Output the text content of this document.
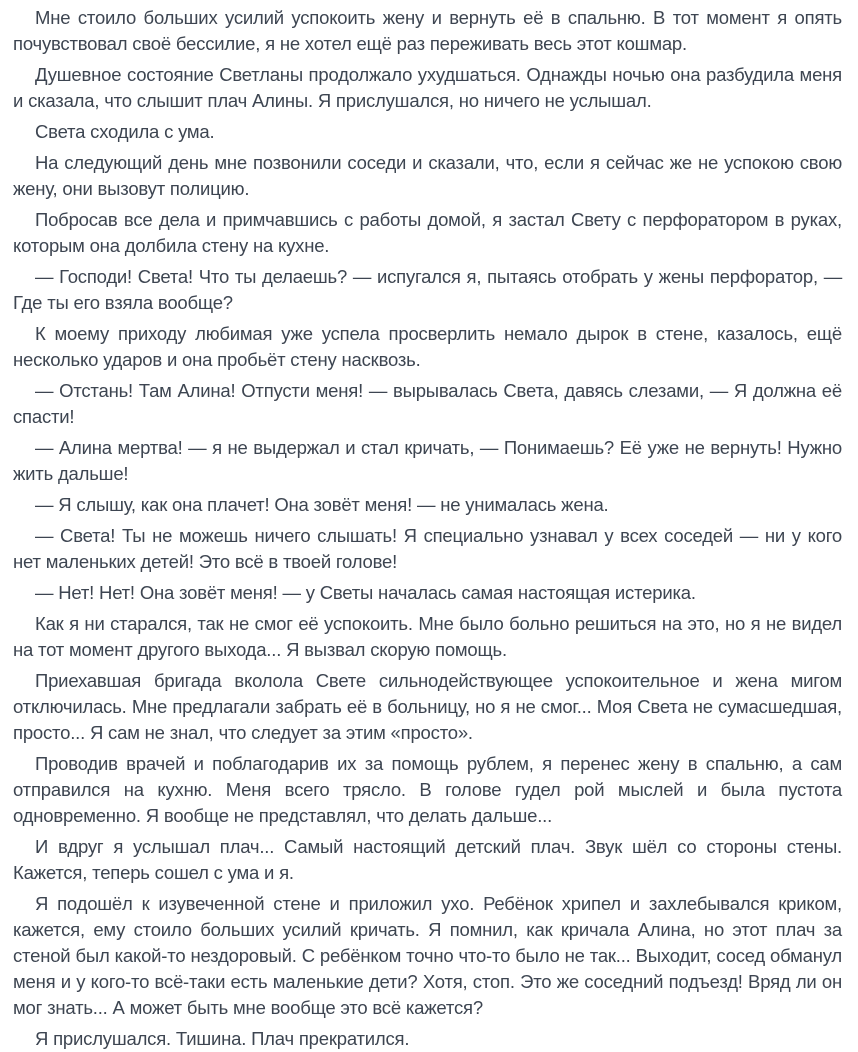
Мне стоило больших усилий успокоить жену и вернуть её в спальню. В тот момент я опять почувствовал своё бессилие, я не хотел ещё раз переживать весь этот кошмар.

Душевное состояние Светланы продолжало ухудшаться. Однажды ночью она разбудила меня и сказала, что слышит плач Алины. Я прислушался, но ничего не услышал.

Света сходила с ума.

На следующий день мне позвонили соседи и сказали, что, если я сейчас же не успокою свою жену, они вызовут полицию.

Побросав все дела и примчавшись с работы домой, я застал Свету с перфоратором в руках, которым она долбила стену на кухне.

— Господи! Света! Что ты делаешь? — испугался я, пытаясь отобрать у жены перфоратор, — Где ты его взяла вообще?

К моему приходу любимая уже успела просверлить немало дырок в стене, казалось, ещё несколько ударов и она пробьёт стену насквозь.

— Отстань! Там Алина! Отпусти меня! — вырывалась Света, давясь слезами, — Я должна её спасти!

— Алина мертва! — я не выдержал и стал кричать, — Понимаешь? Её уже не вернуть! Нужно жить дальше!

— Я слышу, как она плачет! Она зовёт меня! — не унималась жена.

— Света! Ты не можешь ничего слышать! Я специально узнавал у всех соседей — ни у кого нет маленьких детей! Это всё в твоей голове!

— Нет! Нет! Она зовёт меня! — у Светы началась самая настоящая истерика.

Как я ни старался, так не смог её успокоить. Мне было больно решиться на это, но я не видел на тот момент другого выхода... Я вызвал скорую помощь.

Приехавшая бригада вколола Свете сильнодействующее успокоительное и жена мигом отключилась. Мне предлагали забрать её в больницу, но я не смог... Моя Света не сумасшедшая, просто... Я сам не знал, что следует за этим «просто».

Проводив врачей и поблагодарив их за помощь рублем, я перенес жену в спальню, а сам отправился на кухню. Меня всего трясло. В голове гудел рой мыслей и была пустота одновременно. Я вообще не представлял, что делать дальше...

И вдруг я услышал плач... Самый настоящий детский плач. Звук шёл со стороны стены. Кажется, теперь сошел с ума и я.

Я подошёл к изувеченной стене и приложил ухо. Ребёнок хрипел и захлебывался криком, кажется, ему стоило больших усилий кричать. Я помнил, как кричала Алина, но этот плач за стеной был какой-то нездоровый. С ребёнком точно что-то было не так... Выходит, сосед обманул меня и у кого-то всё-таки есть маленькие дети? Хотя, стоп. Это же соседний подъезд! Вряд ли он мог знать... А может быть мне вообще это всё кажется?

Я прислушался. Тишина. Плач прекратился.
